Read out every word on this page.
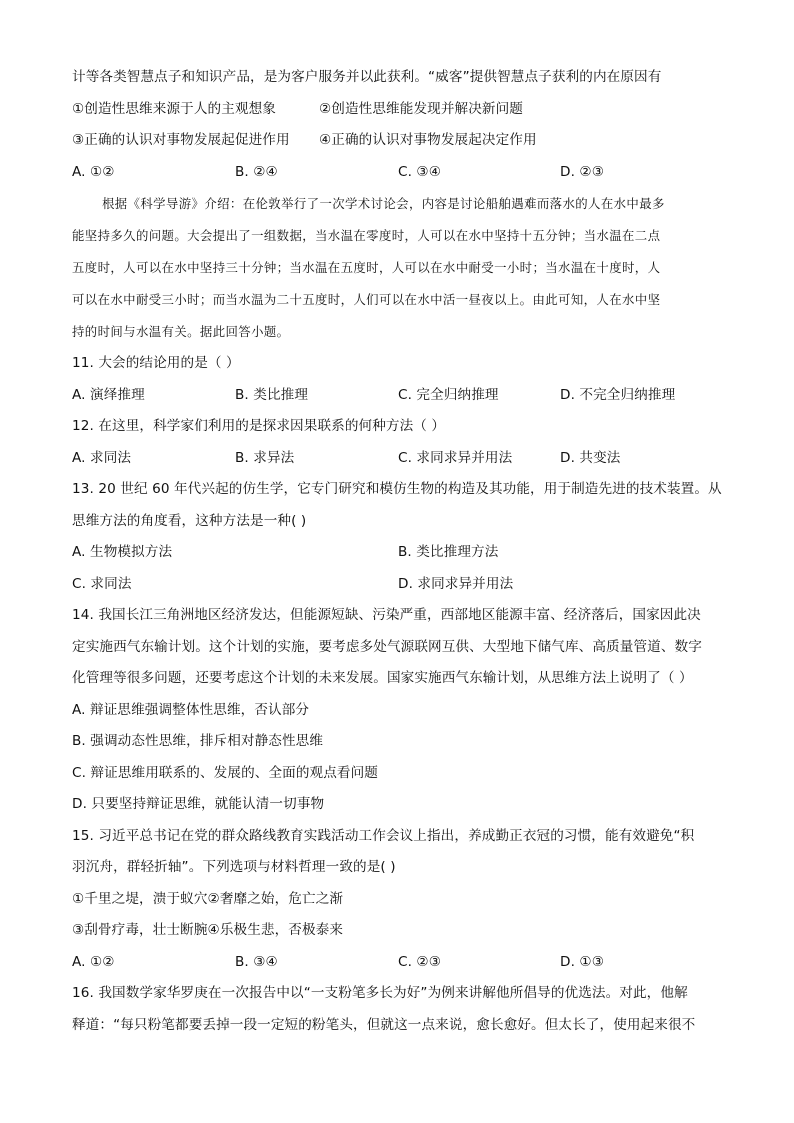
计等各类智慧点子和知识产品，是为客户服务并以此获利。“威客”提供智慧点子获利的内在原因有
①创造性思维来源于人的主观想象	②创造性思维能发现并解决新问题
③正确的认识对事物发展起促进作用 ④正确的认识对事物发展起决定作用
A. ①②	B. ②④	C. ③④	D. ②③
根据《科学导游》介绍：在伦敦举行了一次学术讨论会，内容是讨论船舶遇难而落水的人在水中最多
能坚持多久的问题。大会提出了一组数据，当水温在零度时，人可以在水中坚持十五分钟；当水温在二点
五度时，人可以在水中坚持三十分钟；当水温在五度时，人可以在水中耐受一小时；当水温在十度时，人
可以在水中耐受三小时；而当水温为二十五度时，人们可以在水中活一昼夜以上。由此可知，人在水中坚
持的时间与水温有关。据此回答小题。
11. 大会的结论用的是（ ）
A. 演绎推理	B. 类比推理	C. 完全归纳推理	D. 不完全归纳推理
12. 在这里，科学家们利用的是探求因果联系的何种方法（ ）
A. 求同法	B. 求异法	C. 求同求异并用法	D. 共变法
13. 20 世纪 60 年代兴起的仿生学，它专门研究和模仿生物的构造及其功能，用于制造先进的技术装置。从
思维方法的角度看，这种方法是一种( )
A. 生物模拟方法	B. 类比推理方法
C. 求同法	D. 求同求异并用法
14. 我国长江三角洲地区经济发达，但能源短缺、污染严重，西部地区能源丰富、经济落后，国家因此决
定实施西气东输计划。这个计划的实施，要考虑多处气源联网互供、大型地下储气库、高质量管道、数字
化管理等很多问题，还要考虑这个计划的未来发展。国家实施西气东输计划，从思维方法上说明了（ ）
A. 辩证思维强调整体性思维，否认部分
B. 强调动态性思维，排斥相对静态性思维
C. 辩证思维用联系的、发展的、全面的观点看问题
D. 只要坚持辩证思维，就能认清一切事物
15. 习近平总书记在党的群众路线教育实践活动工作会议上指出，养成勤正衣冠的习惯，能有效避免“积
羽沉舟，群轻折轴”。下列选项与材料哲理一致的是( )
①千里之堤，溃于蚁穴②奢靡之始，危亡之渐
③刮骨疗毒，壮士断腕④乐极生悲，否极泰来
A. ①②	B. ③④	C. ②③	D. ①③
16. 我国数学家华罗庚在一次报告中以“一支粉笔多长为好”为例来讲解他所倡导的优选法。对此，他解
释道：“每只粉笔都要丢掉一段一定短的粉笔头，但就这一点来说，愈长愈好。但太长了，使用起来很不
